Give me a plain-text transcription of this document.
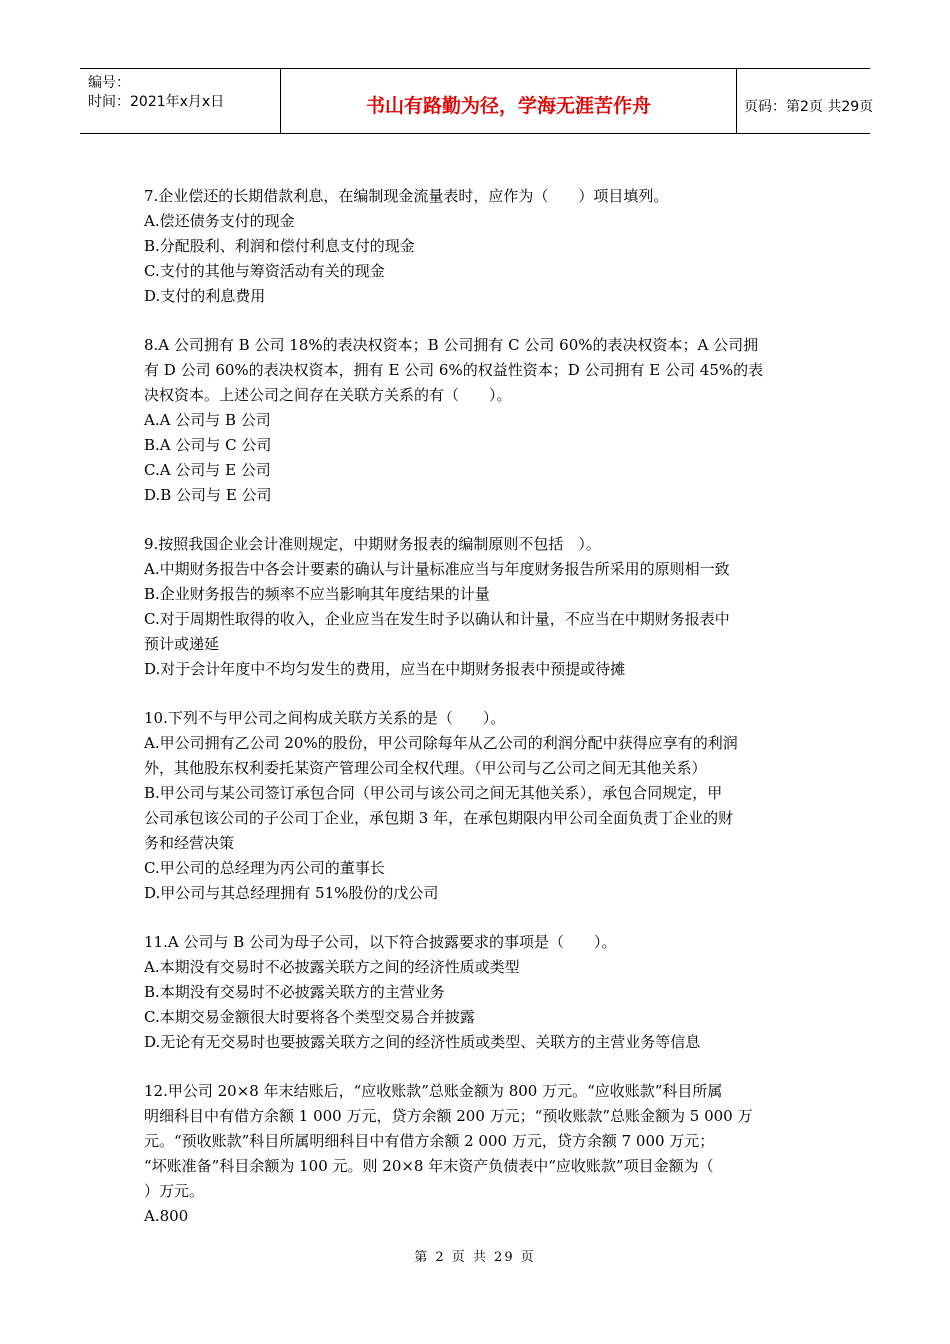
编号：
时间：2021年x月x日	书山有路勤为径，学海无涯苦作舟	页码：第2页 共29页
7.企业偿还的长期借款利息，在编制现金流量表时，应作为（　　）项目填列。
A.偿还债务支付的现金
B.分配股利、利润和偿付利息支付的现金
C.支付的其他与筹资活动有关的现金
D.支付的利息费用
8.A 公司拥有 B 公司 18%的表决权资本；B 公司拥有 C 公司 60%的表决权资本；A 公司拥
有 D 公司 60%的表决权资本，拥有 E 公司 6%的权益性资本；D 公司拥有 E 公司 45%的表
决权资本。上述公司之间存在关联方关系的有（　　）。
A.A 公司与 B 公司
B.A 公司与 C 公司
C.A 公司与 E 公司
D.B 公司与 E 公司
9.按照我国企业会计准则规定，中期财务报表的编制原则不包括　）。
A.中期财务报告中各会计要素的确认与计量标准应当与年度财务报告所采用的原则相一致
B.企业财务报告的频率不应当影响其年度结果的计量
C.对于周期性取得的收入，企业应当在发生时予以确认和计量，不应当在中期财务报表中
预计或递延
D.对于会计年度中不均匀发生的费用，应当在中期财务报表中预提或待摊
10.下列不与甲公司之间构成关联方关系的是（　　）。
A.甲公司拥有乙公司 20%的股份，甲公司除每年从乙公司的利润分配中获得应享有的利润
外，其他股东权利委托某资产管理公司全权代理。（甲公司与乙公司之间无其他关系）
B.甲公司与某公司签订承包合同（甲公司与该公司之间无其他关系），承包合同规定，甲
公司承包该公司的子公司丁企业，承包期 3 年，在承包期限内甲公司全面负责丁企业的财
务和经营决策
C.甲公司的总经理为丙公司的董事长
D.甲公司与其总经理拥有 51%股份的戊公司
11.A 公司与 B 公司为母子公司，以下符合披露要求的事项是（　　）。
A.本期没有交易时不必披露关联方之间的经济性质或类型
B.本期没有交易时不必披露关联方的主营业务
C.本期交易金额很大时要将各个类型交易合并披露
D.无论有无交易时也要披露关联方之间的经济性质或类型、关联方的主营业务等信息
12.甲公司 20×8 年末结账后，“应收账款”总账金额为 800 万元。“应收账款”科目所属
明细科目中有借方余额 1 000 万元，贷方余额 200 万元；“预收账款”总账金额为 5 000 万
元。“预收账款”科目所属明细科目中有借方余额 2 000 万元，贷方余额 7 000 万元；
“坏账准备”科目余额为 100 元。则 20×8 年末资产负债表中“应收账款”项目金额为（
）万元。
A.800
第 2 页 共 29 页
